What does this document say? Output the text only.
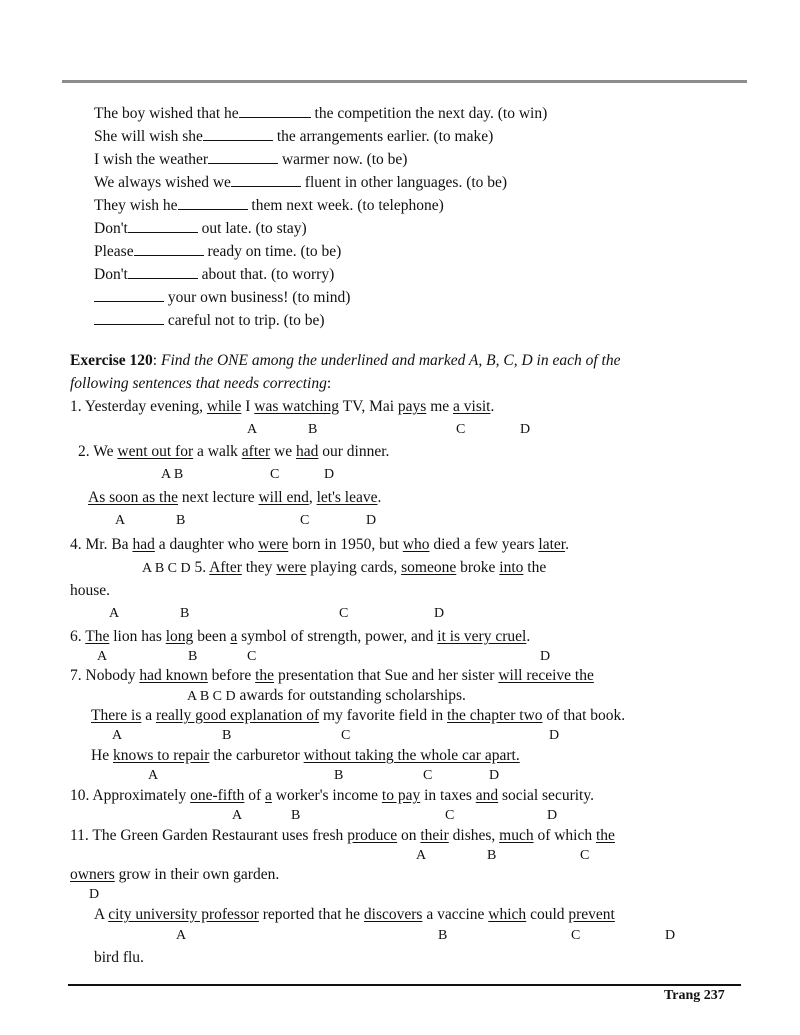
The boy wished that he	the competition the next day. (to win)
She will wish she	the arrangements earlier. (to make)
I wish the weather	warmer now. (to be)
We always wished we	fluent in other languages. (to be)
They wish he	them next week. (to telephone)
Don't	out late. (to stay)
Please	ready on time. (to be)
Don't	about that. (to worry)
your own business! (to mind)
careful not to trip. (to be)
Exercise 120: Find the ONE among the underlined and marked A, B, C, D in each of the
following sentences that needs correcting:
1. Yesterday evening, while I was watching TV, Mai pays me a visit.
A	B	C	D
2. We went out for a walk after we had our dinner.
A B	C	D
As soon as the next lecture will end, let's leave.
A	B	C	D
4. Mr. Ba had a daughter who were born in 1950, but who died a few years later.
A B C D 5. After they were playing cards, someone broke into the
house.
A	B	C	D
6. The lion has long been a symbol of strength, power, and it is very cruel.
A	B	C	D
7. Nobody had known before the presentation that Sue and her sister will receive the
A B C D awards for outstanding scholarships.
There is a really good explanation of my favorite field in the chapter two of that book.
A	B	C	D
He knows to repair the carburetor without taking the whole car apart.
A	B	C	D
10. Approximately one-fifth of a worker's income to pay in taxes and social security.
A	B	C	D
11. The Green Garden Restaurant uses fresh produce on their dishes, much of which the
A	B	C
owners grow in their own garden.
D
A city university professor reported that he discovers a vaccine which could prevent
A	B	C	D
bird flu.
Trang 237
